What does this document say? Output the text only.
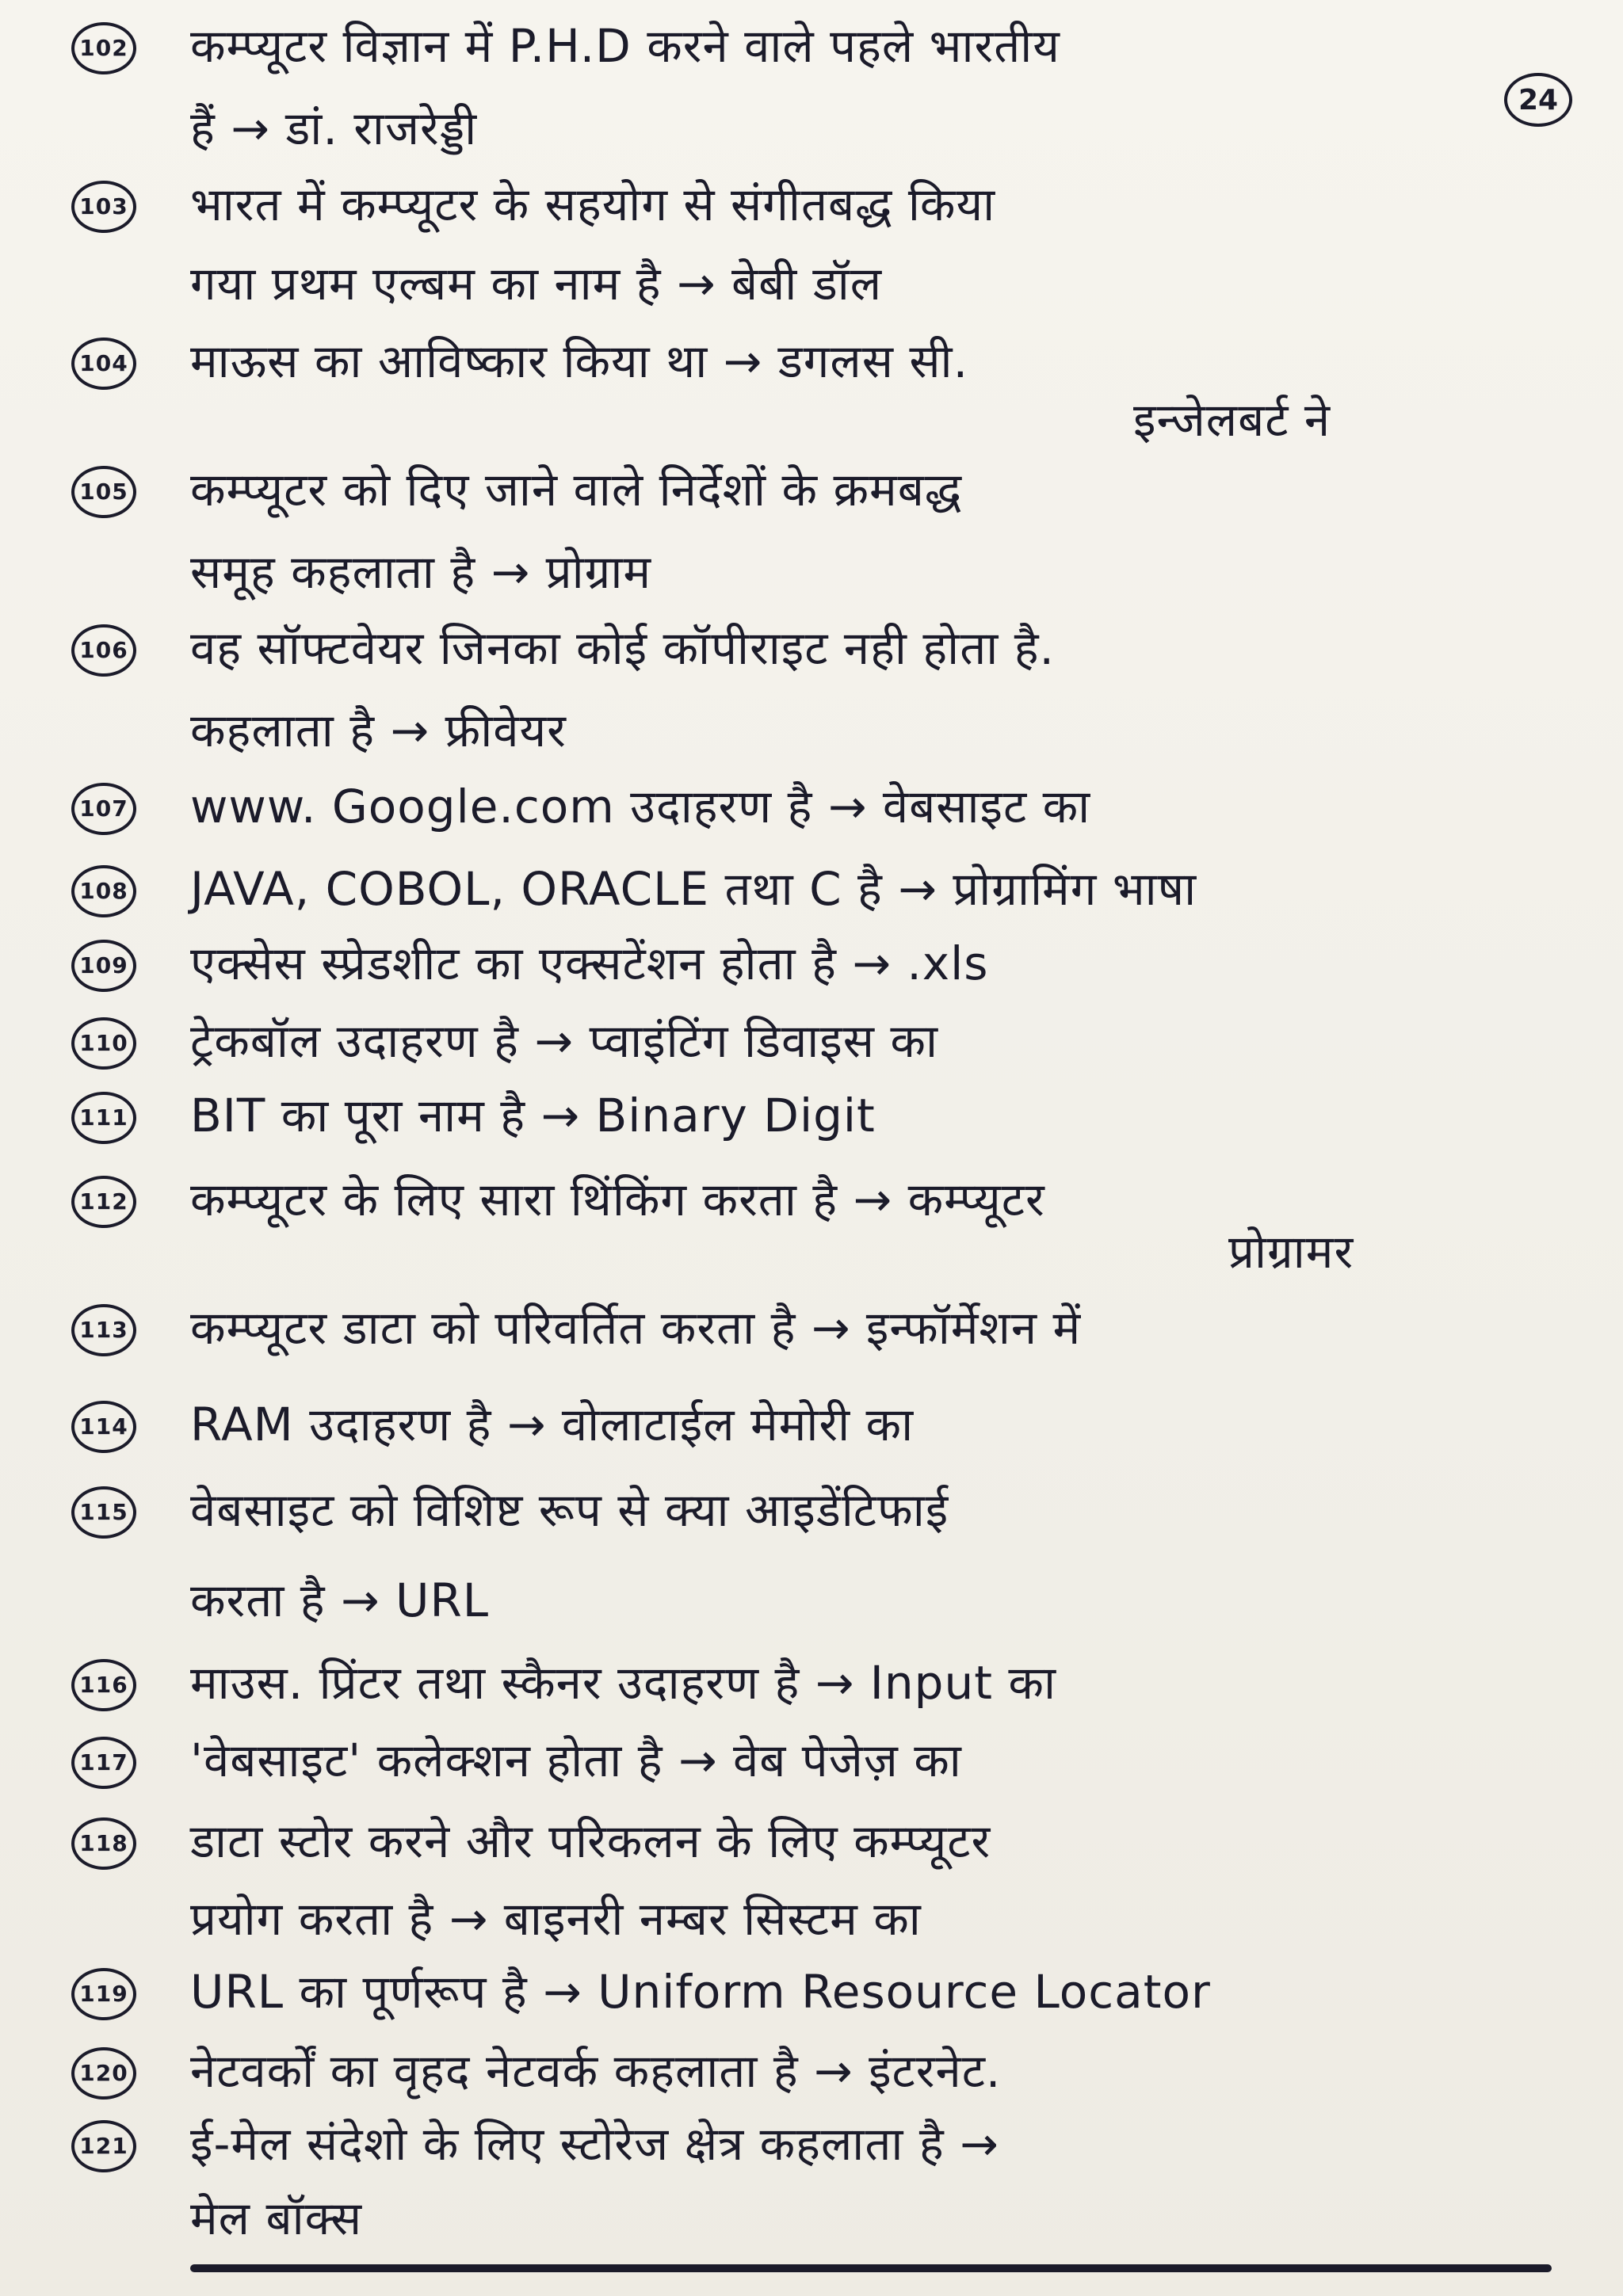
24
102 कम्प्यूटर विज्ञान में P.H.D करने वाले पहले भारतीय
हैं → डां. राजरेड्डी
103 भारत में कम्प्यूटर के सहयोग से संगीतबद्ध किया
गया प्रथम एल्बम का नाम है → बेबी डॉल
104 माऊस का आविष्कार किया था → डगलस सी.
इन्जेलबर्ट ने
105 कम्प्यूटर को दिए जाने वाले निर्देशों के क्रमबद्ध
समूह कहलाता है → प्रोग्राम
106 वह सॉफ्टवेयर जिनका कोई कॉपीराइट नही होता है.
कहलाता है → फ्रीवेयर
107 www. Google.com उदाहरण है → वेबसाइट का
108 JAVA, COBOL, ORACLE तथा C है → प्रोग्रामिंग भाषा
109 एक्सेस स्प्रेडशीट का एक्सटेंशन होता है → .xls
110 ट्रेकबॉल उदाहरण है → प्वाइंटिंग डिवाइस का
111 BIT का पूरा नाम है → Binary Digit
112 कम्प्यूटर के लिए सारा थिंकिंग करता है → कम्प्यूटर
प्रोग्रामर
113 कम्प्यूटर डाटा को परिवर्तित करता है → इन्फॉर्मेशन में
114 RAM उदाहरण है → वोलाटाईल मेमोरी का
115 वेबसाइट को विशिष्ट रूप से क्या आइडेंटिफाई
करता है → URL
116 माउस. प्रिंटर तथा स्कैनर उदाहरण है → Input का
117 'वेबसाइट' कलेक्शन होता है → वेब पेजेज़ का
118 डाटा स्टोर करने और परिकलन के लिए कम्प्यूटर
प्रयोग करता है → बाइनरी नम्बर सिस्टम का
119 URL का पूर्णरूप है → Uniform Resource Locator
120 नेटवर्कों का वृहद नेटवर्क कहलाता है → इंटरनेट.
121 ई-मेल संदेशो के लिए स्टोरेज क्षेत्र कहलाता है →
मेल बॉक्स
